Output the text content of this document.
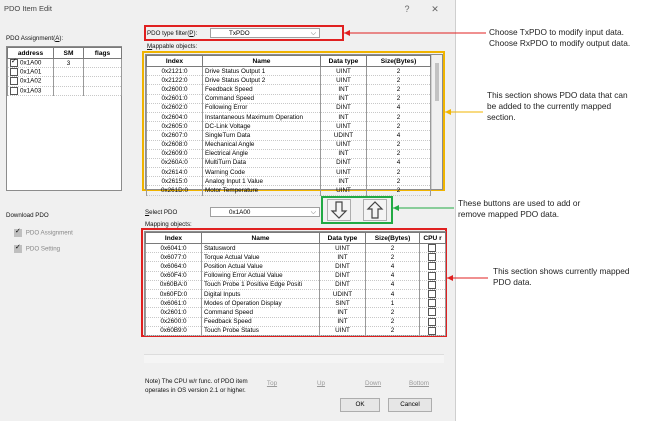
PDO Item Edit	?	✕
PDO Assignment(A):
address	SM	flags
✓0x1A00	3	
0x1A01		
0x1A02		
0x1A03		
Download PDO
✓ PDO Assignment
✓ PDO Setting
PDO type filter(P):	TxPDO	⌵
Mappable objects:
Index	Name	Data type	Size(Bytes)
0x2121:0	Drive Status Output 1	UINT	2
0x2122:0	Drive Status Output 2	UINT	2
0x2600:0	Feedback Speed	INT	2
0x2601:0	Command Speed	INT	2
0x2602:0	Following Error	DINT	4
0x2604:0	Instantaneous Maximum Operation	INT	2
0x2605:0	DC-Link Voltage	UINT	2
0x2607:0	SingleTurn Data	UDINT	4
0x2608:0	Mechanical Angle	UINT	2
0x2609:0	Electrical Angle	INT	2
0x260A:0	MultiTurn Data	DINT	4
0x2614:0	Warning Code	UINT	2
0x2615:0	Analog Input 1 Value	INT	2
0x261D:0	Motor Temperature	UINT	2
Select PDO	0x1A00	⌵
Mapping objects:
Index	Name	Data type	Size(Bytes)	CPU r
0x6041:0	Statusword	UINT	2	
0x6077:0	Torque Actual Value	INT	2	
0x6064:0	Position Actual Value	DINT	4	
0x60F4:0	Following Error Actual Value	DINT	4	
0x60BA:0	Touch Probe 1 Positive Edge Positi	DINT	4	
0x60FD:0	Digital Inputs	UDINT	4	
0x6061:0	Modes of Operation Display	SINT	1	
0x2601:0	Command Speed	INT	2	
0x2600:0	Feedback Speed	INT	2	
0x60B9:0	Touch Probe Status	UINT	2	
Note) The CPU w/r func. of PDO item
operates in OS version 2.1 or higher.
Top	Up	Down	Bottom
OK	Cancel
Choose TxPDO to modify input data.
Choose RxPDO to modify output data.
This section shows PDO data that can
be added to the currently mapped
section.
These buttons are used to add or
remove mapped PDO data.
This section shows currently mapped
PDO data.
